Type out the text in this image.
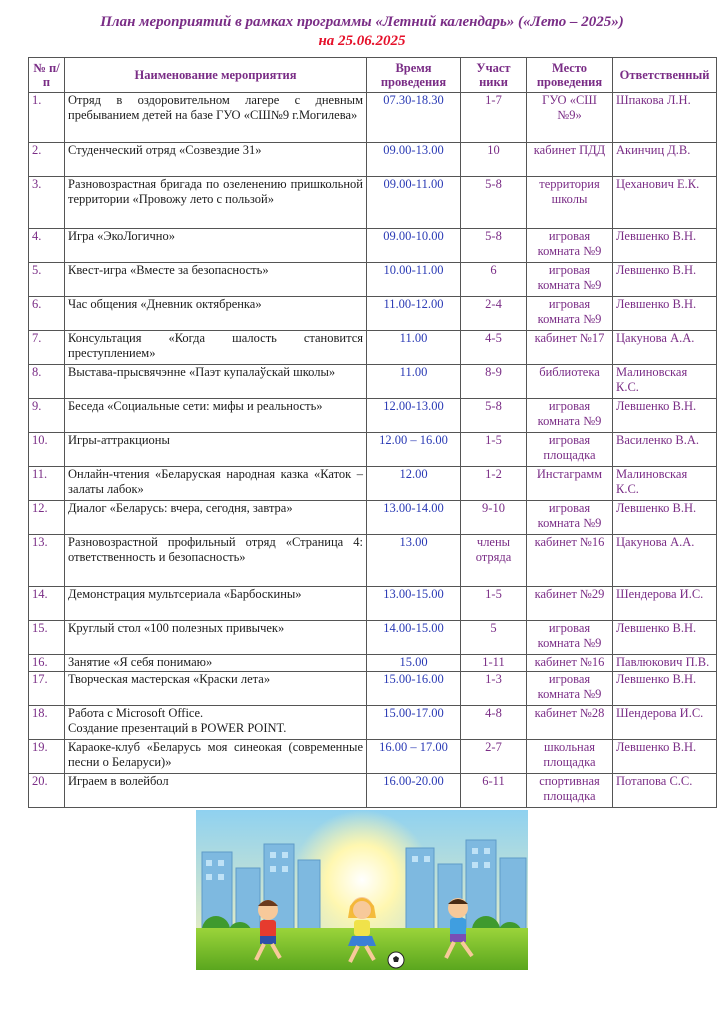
План мероприятий в рамках программы «Летний календарь» («Лето – 2025»)
на 25.06.2025
№ п/п	Наименование мероприятия	Время проведения	Участ ники	Место проведения	Ответственный
1.	Отряд в оздоровительном лагере с дневным пребыванием детей на базе ГУО «СШ№9 г.Могилева»	07.30-18.30	1-7	ГУО «СШ №9»	Шпакова Л.Н.
2.	Студенческий отряд «Созвездие 31»	09.00-13.00	10	кабинет ПДД	Акинчиц Д.В.
3.	Разновозрастная бригада по озеленению пришкольной территории «Провожу лето с пользой»	09.00-11.00	5-8	территория школы	Цеханович Е.К.
4.	Игра «ЭкоЛогично»	09.00-10.00	5-8	игровая комната №9	Левшенко В.Н.
5.	Квест-игра «Вместе за безопасность»	10.00-11.00	6	игровая комната №9	Левшенко В.Н.
6.	Час общения «Дневник октябренка»	11.00-12.00	2-4	игровая комната №9	Левшенко В.Н.
7.	Консультация «Когда шалость становится преступлением»	11.00	4-5	кабинет №17	Цакунова А.А.
8.	Выстава-прысвячэнне «Паэт купалаўскай школы»	11.00	8-9	библиотека	Малиновская К.С.
9.	Беседа «Социальные сети: мифы и реальность»	12.00-13.00	5-8	игровая комната №9	Левшенко В.Н.
10.	Игры-аттракционы	12.00 – 16.00	1-5	игровая площадка	Василенко В.А.
11.	Онлайн-чтения «Беларуская народная казка «Каток – залаты лабок»	12.00	1-2	Инстаграмм	Малиновская К.С.
12.	Диалог «Беларусь: вчера, сегодня, завтра»	13.00-14.00	9-10	игровая комната №9	Левшенко В.Н.
13.	Разновозрастной профильный отряд «Страница 4: ответственность и безопасность»	13.00	члены отряда	кабинет №16	Цакунова А.А.
14.	Демонстрация мультсериала «Барбоскины»	13.00-15.00	1-5	кабинет №29	Шендерова И.С.
15.	Круглый стол «100 полезных привычек»	14.00-15.00	5	игровая комната №9	Левшенко В.Н.
16.	Занятие «Я себя понимаю»	15.00	1-11	кабинет №16	Павлюкович П.В.
17.	Творческая мастерская «Краски лета»	15.00-16.00	1-3	игровая комната №9	Левшенко В.Н.
18.	Работа с Microsoft Office.
Создание презентаций в POWER POINT.	15.00-17.00	4-8	кабинет №28	Шендерова И.С.
19.	Караоке-клуб «Беларусь моя синеокая (современные песни о Беларуси)»	16.00 – 17.00	2-7	школьная площадка	Левшенко В.Н.
20.	Играем в волейбол	16.00-20.00	6-11	спортивная площадка	Потапова С.С.
